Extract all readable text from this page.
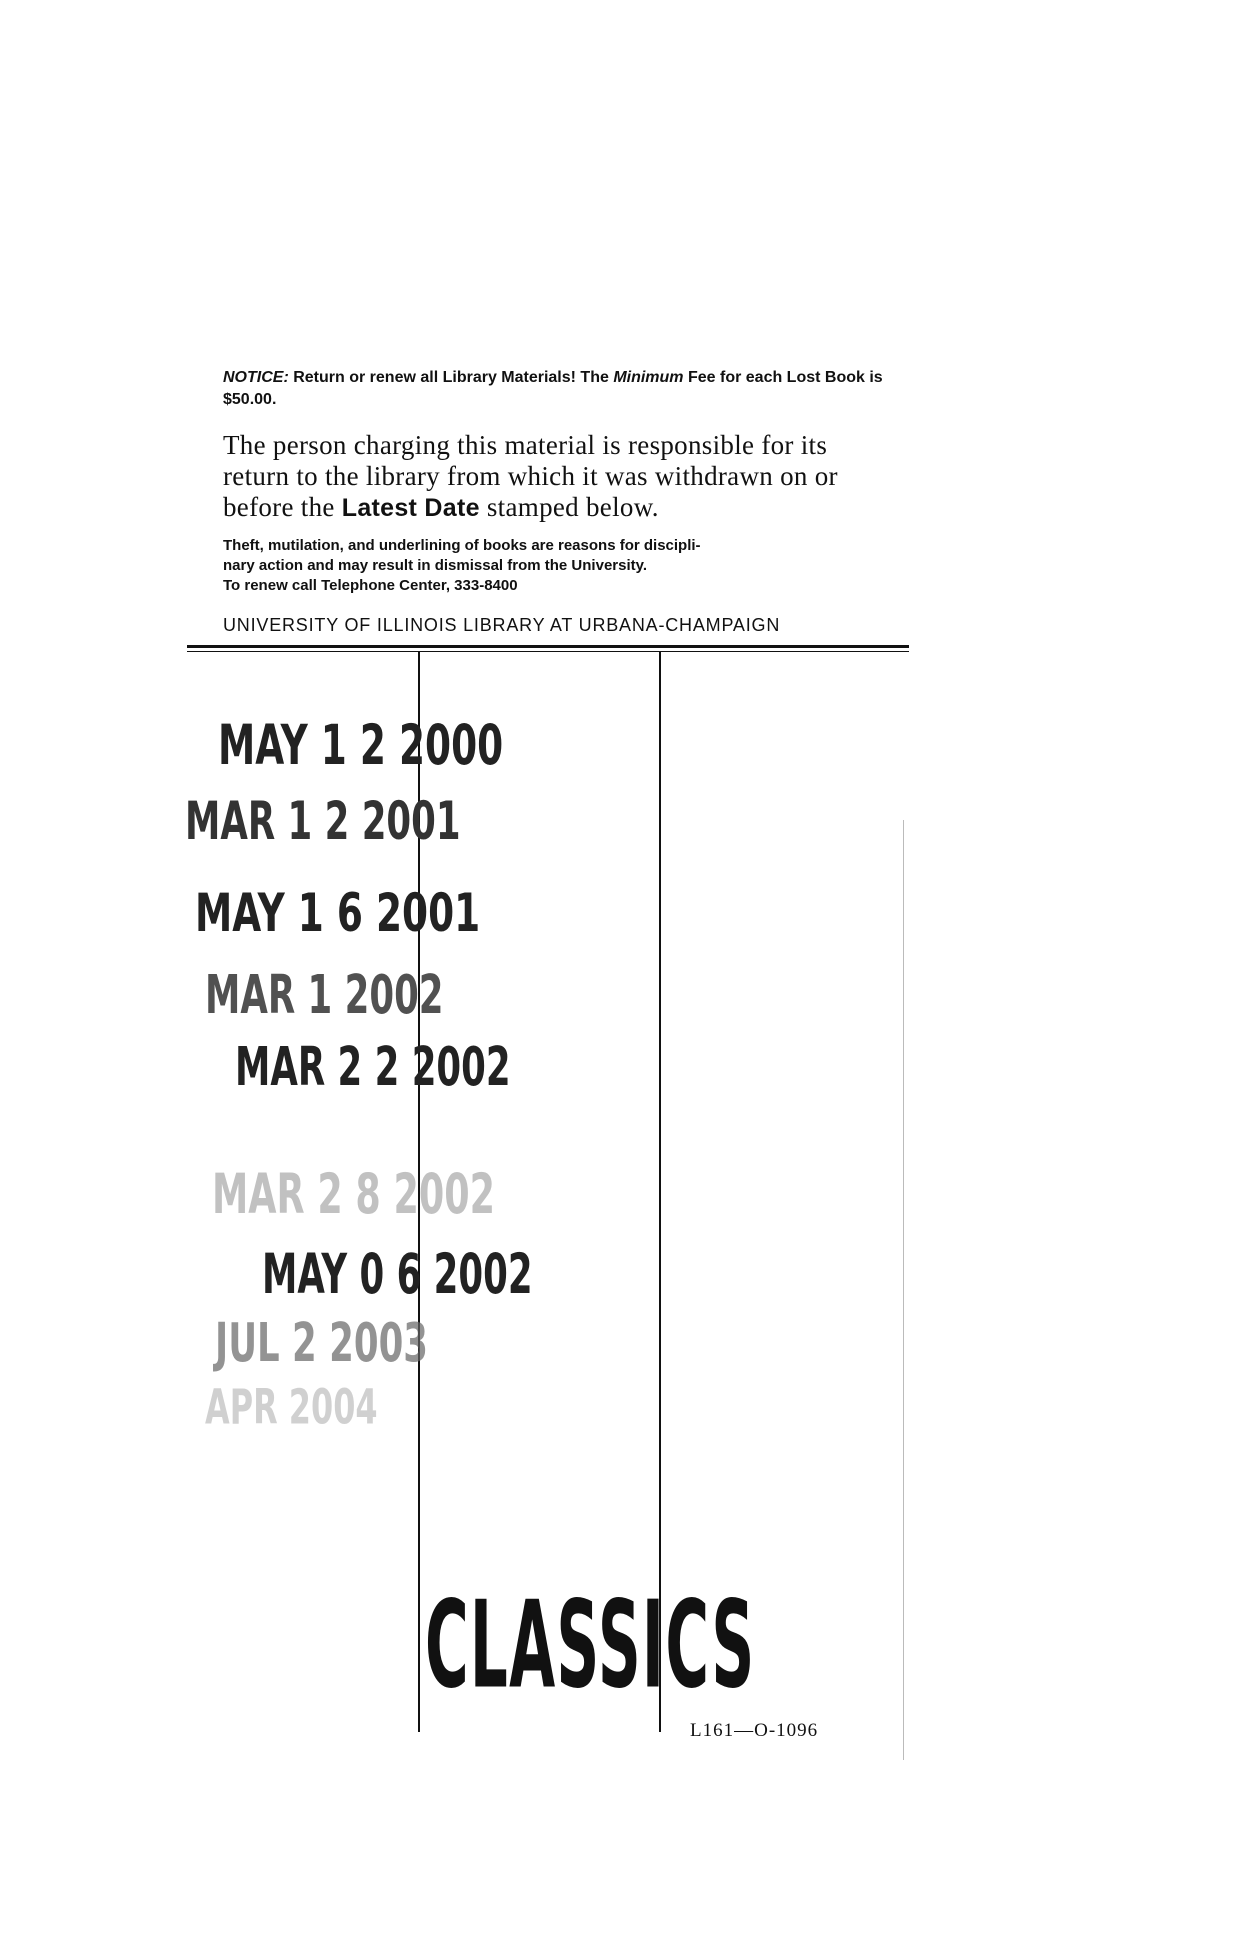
NOTICE: Return or renew all Library Materials! The Minimum Fee for each Lost Book is $50.00.
The person charging this material is responsible for its return to the library from which it was withdrawn on or before the Latest Date stamped below.
Theft, mutilation, and underlining of books are reasons for discipli-
nary action and may result in dismissal from the University.
To renew call Telephone Center, 333-8400
UNIVERSITY OF ILLINOIS LIBRARY AT URBANA-CHAMPAIGN
MAY 1 2 2000
MAR 1 2 2001
MAY 1 6 2001
MAR 1 2002
MAR 2 2 2002
MAR 2 8 2002
MAY 0 6 2002
JUL 2 2003
APR 2004
CLASSICS
L161—O-1096
